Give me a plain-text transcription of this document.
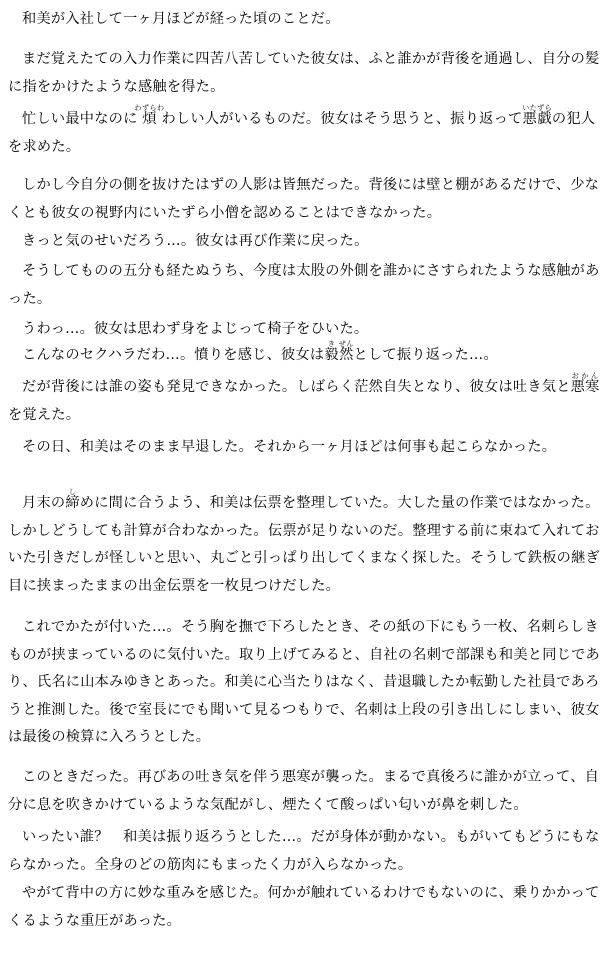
和美が入社して一ヶ月ほどが経った頃のことだ。

まだ覚えたての入力作業に四苦八苦していた彼女は、ふと誰かが背後を通過し、自分の髪に指をかけたような感触を得た。

忙しい最中なのに煩わずらわわしい人がいるものだ。彼女はそう思うと、振り返って悪戯いたずらの犯人を求めた。

しかし今自分の側を抜けたはずの人影は皆無だった。背後には壁と棚があるだけで、少なくとも彼女の視野内にいたずら小僧を認めることはできなかった。

きっと気のせいだろう…。彼女は再び作業に戻った。

そうしてものの五分も経たぬうち、今度は太股の外側を誰かにさすられたような感触があった。

うわっ…。彼女は思わず身をよじって椅子をひいた。

こんなのセクハラだわ…。憤りを感じ、彼女は毅き然ぜんとして振り返った…。

だが背後には誰の姿も発見できなかった。しばらく茫然自失となり、彼女は吐き気と悪寒おかんを覚えた。

その日、和美はそのまま早退した。それから一ヶ月ほどは何事も起こらなかった。

月末の締しめに間に合うよう、和美は伝票を整理していた。大した量の作業ではなかった。しかしどうしても計算が合わなかった。伝票が足りないのだ。整理する前に束ねて入れておいた引きだしが怪しいと思い、丸ごと引っぱり出してくまなく探した。そうして鉄板の継ぎ目に挟まったままの出金伝票を一枚見つけだした。

これでかたが付いた…。そう胸を撫で下ろしたとき、その紙の下にもう一枚、名刺らしきものが挟まっているのに気付いた。取り上げてみると、自社の名刺で部課も和美と同じであり、氏名に山本みゆきとあった。和美に心当たりはなく、昔退職したか転勤した社員であろうと推測した。後で室長にでも聞いて見るつもりで、名刺は上段の引き出しにしまい、彼女は最後の検算に入ろうとした。

このときだった。再びあの吐き気を伴う悪寒が襲った。まるで真後ろに誰かが立って、自分に息を吹きかけているような気配がし、煙たくて酸っぱい匂いが鼻を刺した。

いったい誰？　和美は振り返ろうとした…。だが身体が動かない。もがいてもどうにもならなかった。全身のどの筋肉にもまったく力が入らなかった。

やがて背中の方に妙な重みを感じた。何かが触れているわけでもないのに、乗りかかってくるような重圧があった。
